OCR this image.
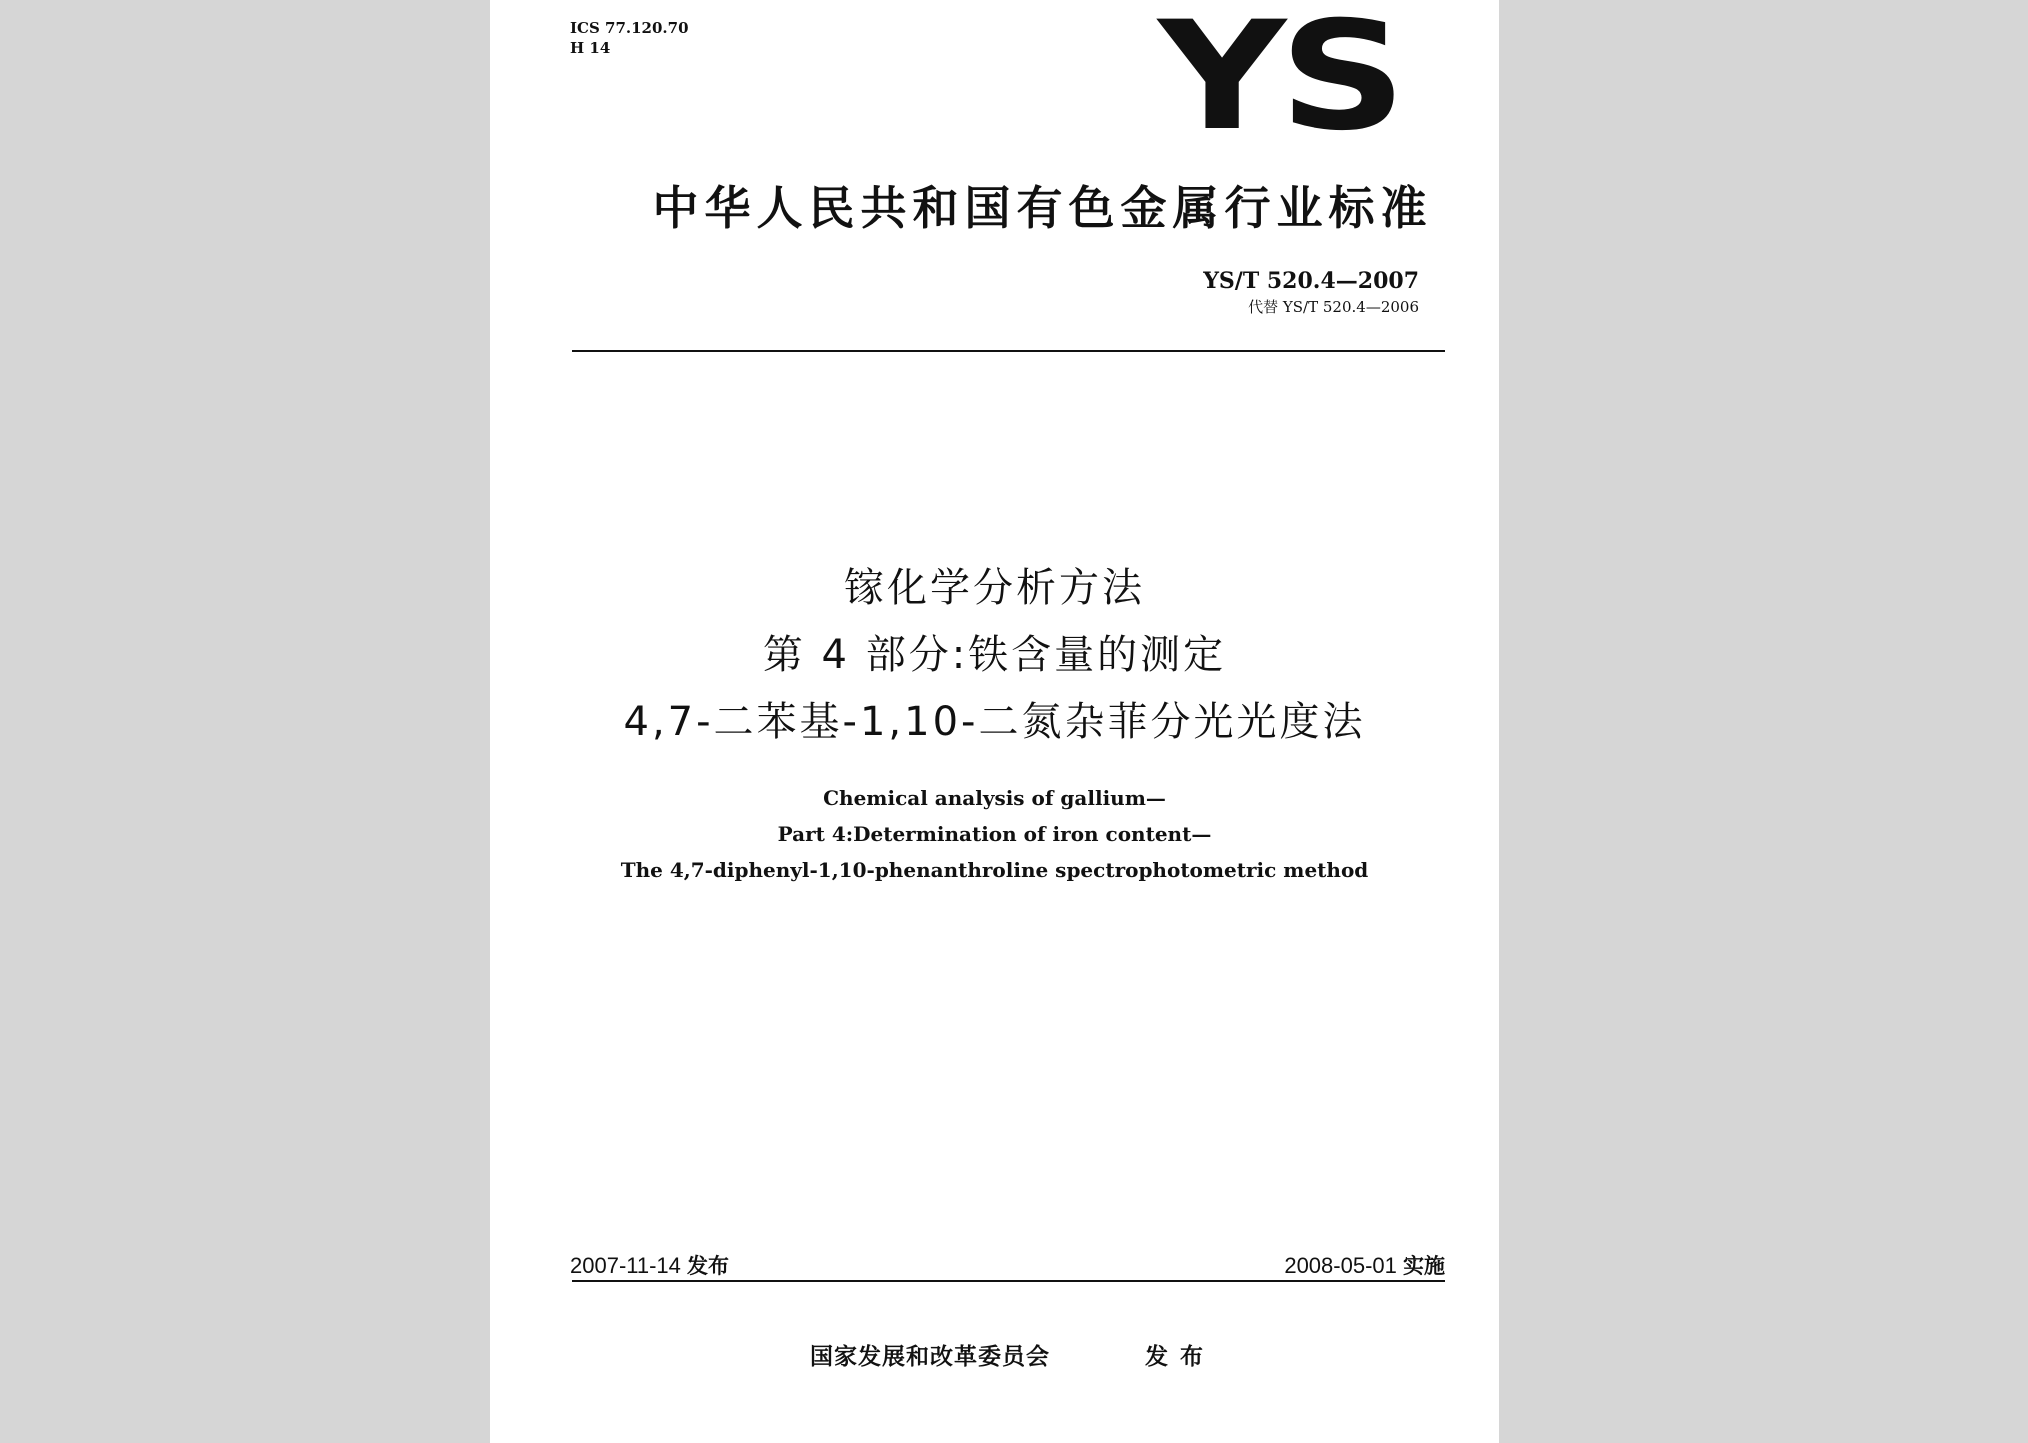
ICS 77.120.70
H 14	YS
中华人民共和国有色金属行业标准
YS/T 520.4—2007
代替 YS/T 520.4—2006
镓化学分析方法
第 4 部分:铁含量的测定
4,7-二苯基-1,10-二氮杂菲分光光度法
Chemical analysis of gallium—
Part 4:Determination of iron content—
The 4,7-diphenyl-1,10-phenanthroline spectrophotometric method
2007-11-14 发布	2008-05-01 实施
国家发展和改革委员会	发布
